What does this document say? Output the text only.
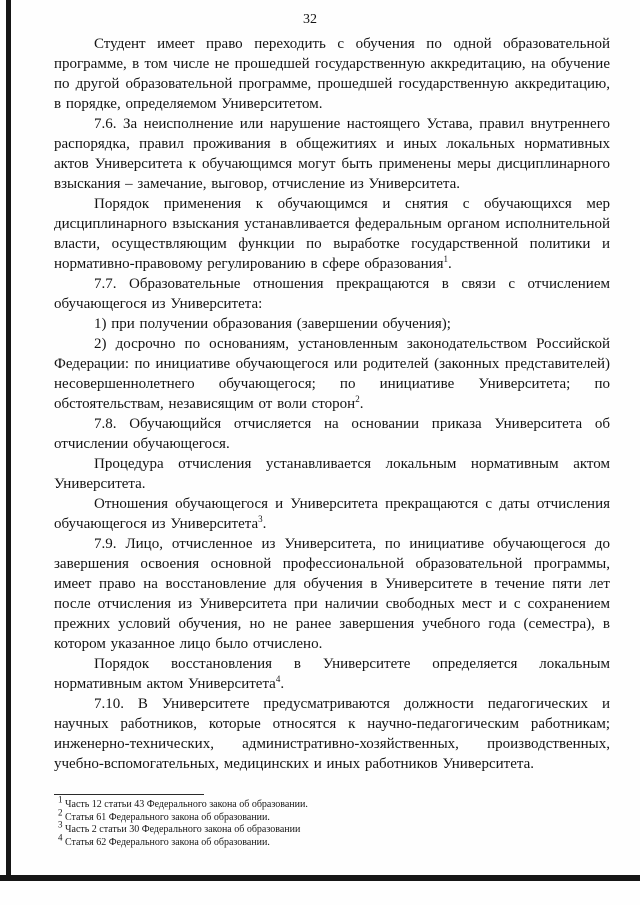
32

Студент имеет право переходить с обучения по одной образовательной программе, в том числе не прошедшей государственную аккредитацию, на обучение по другой образовательной программе, прошедшей государственную аккредитацию, в порядке, определяемом Университетом.

7.6. За неисполнение или нарушение настоящего Устава, правил внутреннего распорядка, правил проживания в общежитиях и иных локальных нормативных актов Университета к обучающимся могут быть применены меры дисциплинарного взыскания – замечание, выговор, отчисление из Университета.

Порядок применения к обучающимся и снятия с обучающихся мер дисциплинарного взыскания устанавливается федеральным органом исполнительной власти, осуществляющим функции по выработке государственной политики и нормативно-правовому регулированию в сфере образования$^1$.

7.7. Образовательные отношения прекращаются в связи с отчислением обучающегося из Университета:

1) при получении образования (завершении обучения);

2) досрочно по основаниям, установленным законодательством Российской Федерации: по инициативе обучающегося или родителей (законных представителей) несовершеннолетнего обучающегося; по инициативе Университета; по обстоятельствам, независящим от воли сторон$^2$.

7.8. Обучающийся отчисляется на основании приказа Университета об отчислении обучающегося.

Процедура отчисления устанавливается локальным нормативным актом Университета.

Отношения обучающегося и Университета прекращаются с даты отчисления обучающегося из Университета$^3$.

7.9. Лицо, отчисленное из Университета, по инициативе обучающегося до завершения освоения основной профессиональной образовательной программы, имеет право на восстановление для обучения в Университете в течение пяти лет после отчисления из Университета при наличии свободных мест и с сохранением прежних условий обучения, но не ранее завершения учебного года (семестра), в котором указанное лицо было отчислено.

Порядок восстановления в Университете определяется локальным нормативным актом Университета$^4$.

7.10. В Университете предусматриваются должности педагогических и научных работников, которые относятся к научно-педагогическим работникам; инженерно-технических, административно-хозяйственных, производственных, учебно-вспомогательных, медицинских и иных работников Университета.

$^1$ Часть 12 статьи 43 Федерального закона об образовании.
$^2$ Статья 61 Федерального закона об образовании.
$^3$ Часть 2 статьи 30 Федерального закона об образовании
$^4$ Статья 62 Федерального закона об образовании.
